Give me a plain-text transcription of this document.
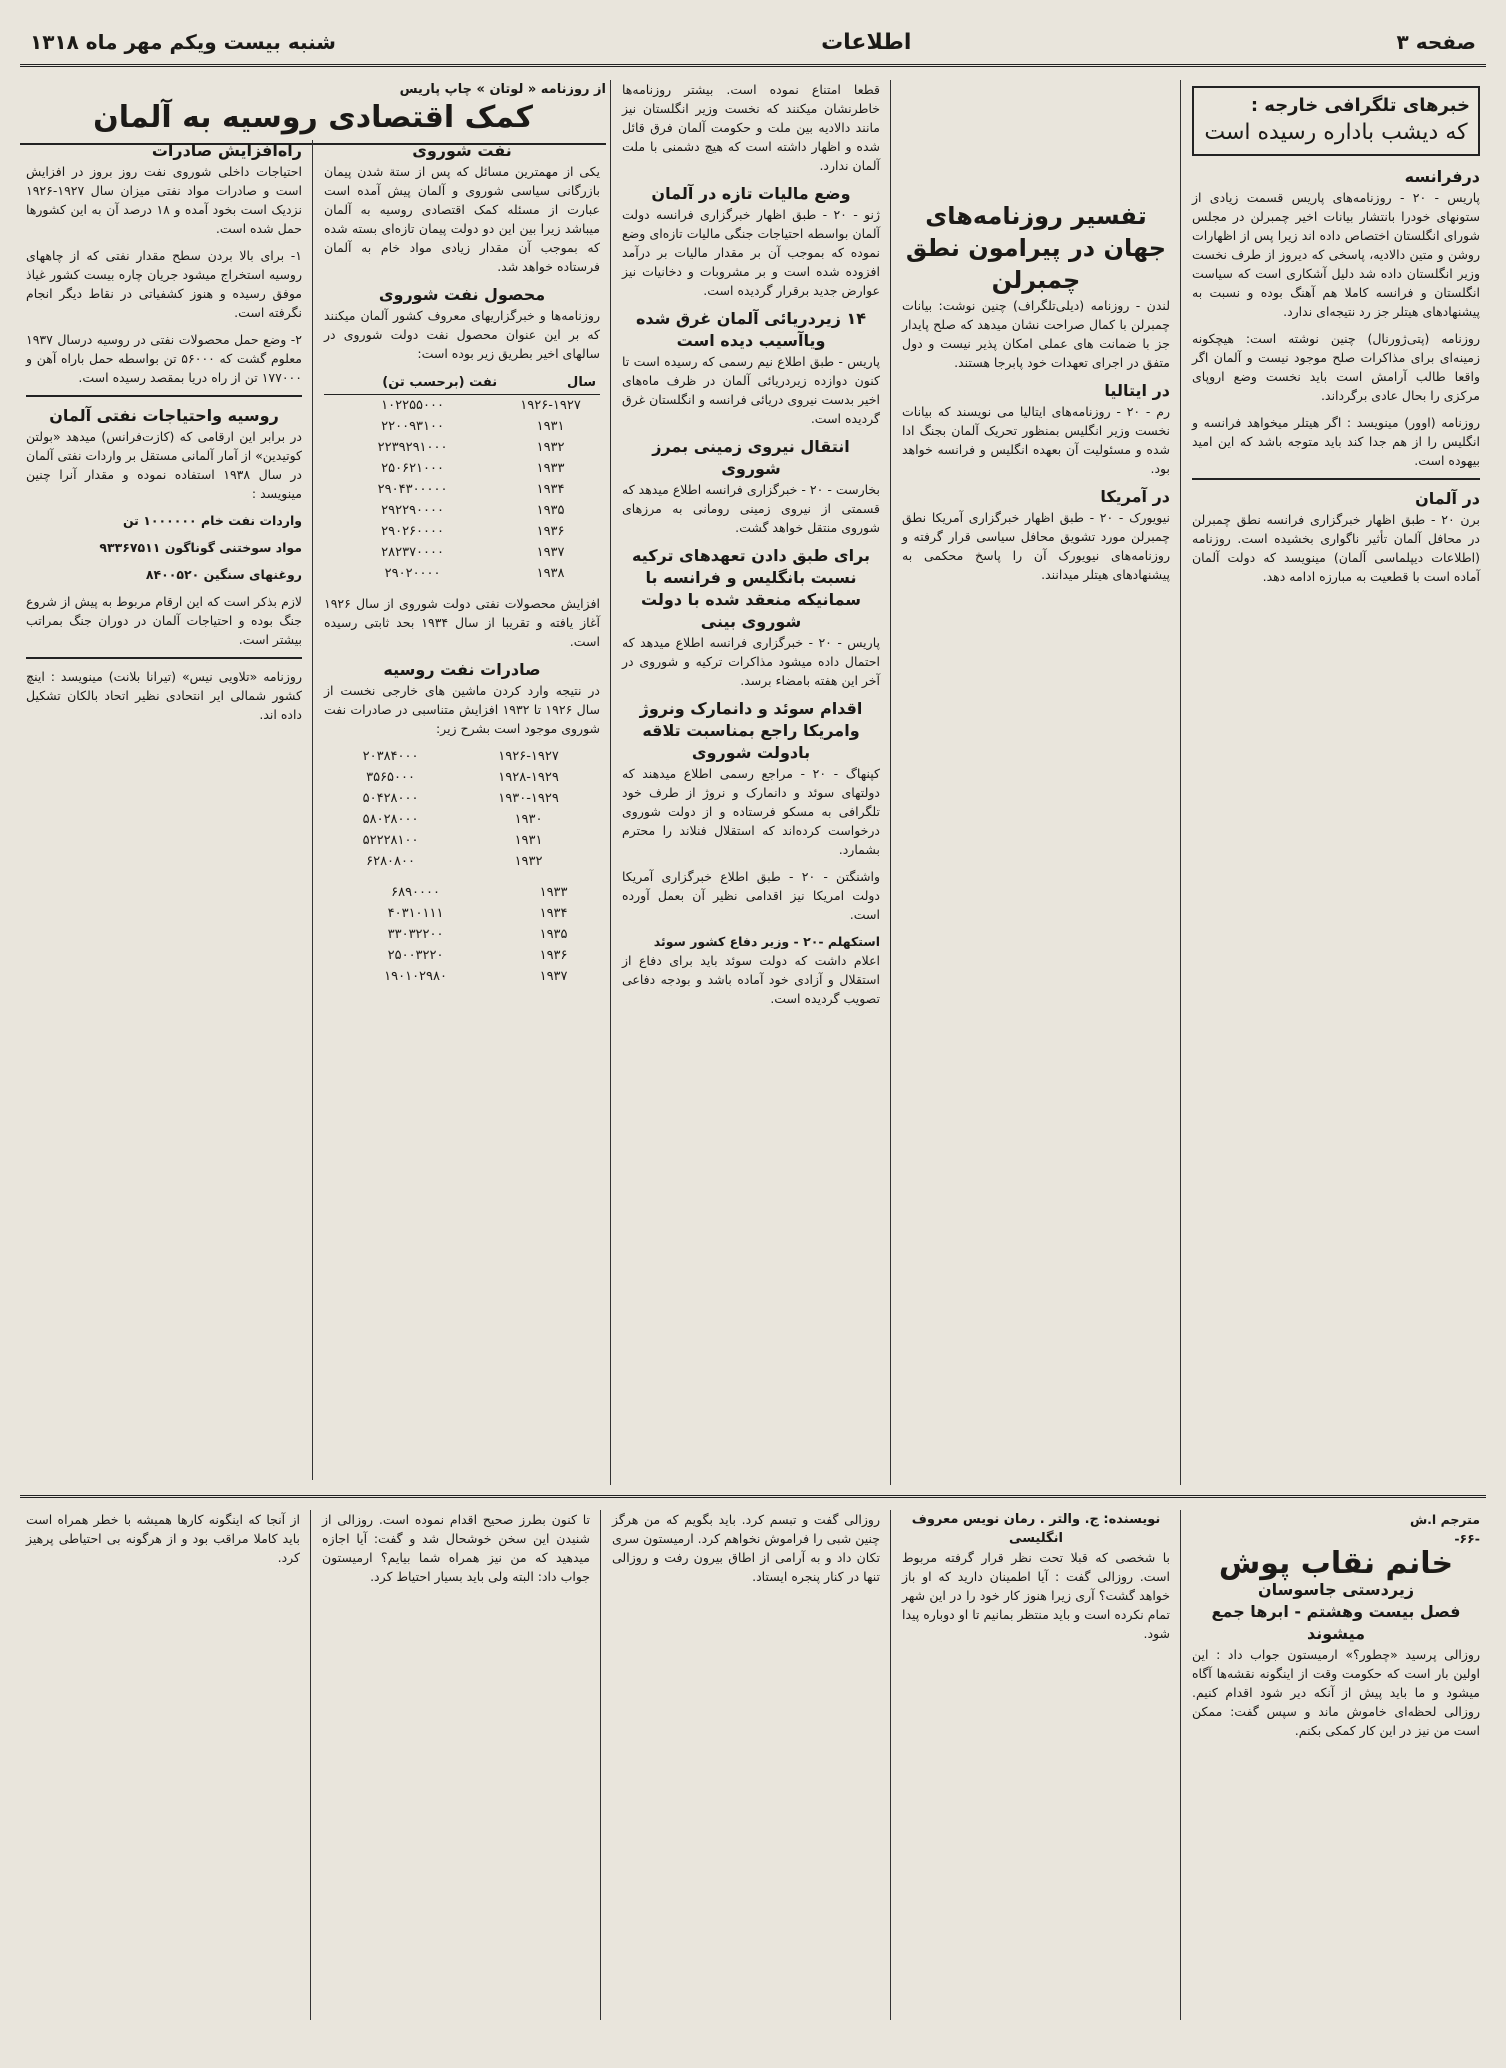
صفحه ۳
اطلاعات
شنبه بیست ویکم مهر ماه ۱۳۱۸
خبرهای تلگرافی خارجه :
که دیشب باداره رسیده است
درفرانسه

پاریس - ۲۰ - روزنامه‌های پاریس قسمت زیادی از ستونهای خودرا بانتشار بیانات اخیر چمبرلن در مجلس شورای انگلستان اختصاص داده اند زیرا پس از اظهارات روشن و متین دالادیه، پاسخی که دیروز از طرف نخست وزیر انگلستان داده شد دلیل آشکاری است که سیاست انگلستان و فرانسه کاملا هم آهنگ بوده و نسبت به پیشنهادهای هیتلر جز رد نتیجه‌ای ندارد.

روزنامه (پتی‌ژورنال) چنین نوشته است: هیچکونه زمینه‌ای برای مذاکرات صلح موجود نیست و آلمان اگر واقعا طالب آرامش است باید نخست وضع اروپای مرکزی را بحال عادی برگرداند.

روزنامه (اوور) مینویسد : اگر هیتلر میخواهد فرانسه و انگلیس را از هم جدا کند باید متوجه باشد که این امید بیهوده است.

در آلمان

برن ۲۰ - طبق اظهار خبرگزاری فرانسه نطق چمبرلن در محافل آلمان تأثیر ناگواری بخشیده است. روزنامه (اطلاعات دیپلماسی آلمان) مینویسد که دولت آلمان آماده است با قطعیت به مبارزه ادامه دهد.

تفسیر روزنامه‌های جهان در پیرامون نطق چمبرلن

لندن - روزنامه (دیلی‌تلگراف) چنین نوشت: بیانات چمبرلن با کمال صراحت نشان میدهد که صلح پایدار جز با ضمانت های عملی امکان پذیر نیست و دول متفق در اجرای تعهدات خود پابرجا هستند.

در ایتالیا

رم - ۲۰ - روزنامه‌های ایتالیا می نویسند که بیانات نخست وزیر انگلیس بمنظور تحریک آلمان بجنگ ادا شده و مسئولیت آن بعهده انگلیس و فرانسه خواهد بود.

در آمریکا

نیویورک - ۲۰ - طبق اظهار خبرگزاری آمریکا نطق چمبرلن مورد تشویق محافل سیاسی قرار گرفته و روزنامه‌های نیویورک آن را پاسخ محکمی به پیشنهادهای هیتلر میدانند.

قطعا امتناع نموده است. بیشتر روزنامه‌ها خاطرنشان میکنند که نخست وزیر انگلستان نیز مانند دالادیه بین ملت و حکومت آلمان فرق قائل شده و اظهار داشته است که هیچ دشمنی با ملت آلمان ندارد.

وضع مالیات تازه در آلمان

ژنو - ۲۰ - طبق اظهار خبرگزاری فرانسه دولت آلمان بواسطه احتیاجات جنگی مالیات تازه‌ای وضع نموده که بموجب آن بر مقدار مالیات بر درآمد افزوده شده است و بر مشروبات و دخانیات نیز عوارض جدید برقرار گردیده است.

۱۴ زیردریائی آلمان غرق شده ویاآسیب دیده است

پاریس - طبق اطلاع نیم رسمی که رسیده است تا کنون دوازده زیردریائی آلمان در ظرف ماه‌های اخیر بدست نیروی دریائی فرانسه و انگلستان غرق گردیده است.

انتقال نیروی زمینی بمرز شوروی

بخارست - ۲۰ - خبرگزاری فرانسه اطلاع میدهد که قسمتی از نیروی زمینی رومانی به مرزهای شوروی منتقل خواهد گشت.

برای طبق دادن تعهدهای ترکیه نسبت بانگلیس و فرانسه با سمانیکه منعقد شده با دولت شوروی بینی

پاریس - ۲۰ - خبرگزاری فرانسه اطلاع میدهد که احتمال داده میشود مذاکرات ترکیه و شوروی در آخر این هفته بامضاء برسد.

اقدام سوئد و دانمارک ونروژ وامریکا راجع بمناسبت تلاقه بادولت شوروی

کپنهاگ - ۲۰ - مراجع رسمی اطلاع میدهند که دولتهای سوئد و دانمارک و نروژ از طرف خود تلگرافی به مسکو فرستاده و از دولت شوروی درخواست کرده‌اند که استقلال فنلاند را محترم بشمارد.

واشنگتن - ۲۰ - طبق اطلاع خبرگزاری آمریکا دولت امریکا نیز اقدامی نظیر آن بعمل آورده است.

استکهلم -۲۰ - وزیر دفاع کشور سوئد

اعلام داشت که دولت سوئد باید برای دفاع از استقلال و آزادی خود آماده باشد و بودجه دفاعی تصویب گردیده است.

از روزنامه « لوتان » چاپ پاریس
کمک اقتصادی روسیه به آلمان
نفت شوروی

یکی از مهمترین مسائل که پس از ستة شدن پیمان بازرگانی سیاسی شوروی و آلمان پیش آمده است عبارت از مسئله کمک اقتصادی روسیه به آلمان میباشد زیرا بین این دو دولت پیمان تازه‌ای بسته شده که بموجب آن مقدار زیادی مواد خام به آلمان فرستاده خواهد شد.

محصول نفت شوروی

روزنامه‌ها و خبرگزاریهای معروف کشور آلمان میکنند که بر این عنوان محصول نفت دولت شوروی در سالهای اخیر بطریق زیر بوده است:

سال	نفت (برحسب تن)
۱۹۲۶-۱۹۲۷	۱۰۲۲۵۵۰۰۰
۱۹۳۱	۲۲۰۰۹۳۱۰۰
۱۹۳۲	۲۲۳۹۲۹۱۰۰۰
۱۹۳۳	۲۵۰۶۲۱۰۰۰
۱۹۳۴	۲۹۰۴۳۰۰۰۰۰
۱۹۳۵	۲۹۲۲۹۰۰۰۰
۱۹۳۶	۲۹۰۲۶۰۰۰۰
۱۹۳۷	۲۸۲۳۷۰۰۰۰
۱۹۳۸	۲۹۰۲۰۰۰۰

افزایش محصولات نفتی دولت شوروی از سال ۱۹۲۶ آغاز یافته و تقریبا از سال ۱۹۳۴ بحد ثابتی رسیده است.

صادرات نفت روسیه

در نتیجه وارد کردن ماشین های خارجی نخست از سال ۱۹۲۶ تا ۱۹۳۲ افزایش متناسبی در صادرات نفت شوروی موجود است بشرح زیر:

۱۹۲۶-۱۹۲۷	۲۰۳۸۴۰۰۰
۱۹۲۸-۱۹۲۹	۳۵۶۵۰۰۰
۱۹۳۰-۱۹۲۹	۵۰۴۲۸۰۰۰
۱۹۳۰	۵۸۰۲۸۰۰۰
۱۹۳۱	۵۲۲۲۸۱۰۰
۱۹۳۲	۶۲۸۰۸۰۰
۱۹۳۳	۶۸۹۰۰۰۰
۱۹۳۴	۴۰۳۱۰۱۱۱
۱۹۳۵	۳۳۰۳۲۲۰۰
۱۹۳۶	۲۵۰۰۳۲۲۰
۱۹۳۷	۱۹۰۱۰۲۹۸۰
راه‌افزایش صادرات

احتیاجات داخلی شوروی نفت روز بروز در افزایش است و صادرات مواد نفتی میزان سال ۱۹۲۷-۱۹۲۶ نزدیک است بخود آمده و ۱۸ درصد آن به این کشورها حمل شده است.

۱- برای بالا بردن سطح مقدار نفتی که از چاههای روسیه استخراج میشود جریان چاره بیست کشور غیاذ موفق رسیده و هنوز کشفیاتی در نقاط دیگر انجام نگرفته است.

۲- وضع حمل محصولات نفتی در روسیه درسال ۱۹۳۷ معلوم گشت که ۵۶۰۰۰ تن بواسطه حمل باراه آهن و ۱۷۷۰۰۰ تن از راه دریا بمقصد رسیده است.

روسیه واحتیاجات نفتی آلمان

در برابر این ارقامی که (کازت‌فرانس) میدهد «بولتن کوتیدین» از آمار آلمانی مستقل بر واردات نفتی آلمان در سال ۱۹۳۸ استفاده نموده و مقدار آنرا چنین مینویسد :

واردات نفت خام ۱۰۰۰۰۰۰ تن

مواد سوختنی گوناگون ۹۳۳۶۷۵۱۱

روغنهای سنگین ۸۴۰۰۵۲۰

لازم بذکر است که این ارقام مربوط به پیش از شروع جنگ بوده و احتیاجات آلمان در دوران جنگ بمراتب بیشتر است.

روزنامه «تلاویی نیس» (تیرانا بلانت) مینویسد : اینچ کشور شمالی ایر انتحادی نظیر اتحاد بالکان تشکیل داده اند.

مترجم ا.ش
-۶۶-
خانم‌ نقاب پوش
زیردستی جاسوسان
فصل بیست وهشتم - ابرها جمع میشوند

روزالی پرسید «چطور؟» ارمیستون جواب داد : این اولین بار است که حکومت وقت از اینگونه نقشه‌ها آگاه میشود و ما باید پیش از آنکه دیر شود اقدام کنیم. روزالی لحظه‌ای خاموش ماند و سپس گفت: ممکن است من نیز در این کار کمکی بکنم.

نویسنده: ج. والتر . رمان نویس معروف انگلیسی

با شخصی که قبلا تحت نظر قرار گرفته مربوط است. روزالی گفت : آیا اطمینان دارید که او باز خواهد گشت؟ آری زیرا هنوز کار خود را در این شهر تمام نکرده است و باید منتظر بمانیم تا او دوباره پیدا شود.

روزالی گفت و تبسم کرد. باید بگویم که من هرگز چنین شبی را فراموش نخواهم کرد. ارمیستون سری تکان داد و به آرامی از اطاق بیرون رفت و روزالی تنها در کنار پنجره ایستاد.

تا کنون بطرز صحیح اقدام نموده است. روزالی از شنیدن این سخن خوشحال شد و گفت: آیا اجازه میدهید که من نیز همراه شما بیایم؟ ارمیستون جواب داد: البته ولی باید بسیار احتیاط کرد.

از آنجا که اینگونه کارها همیشه با خطر همراه است باید کاملا مراقب بود و از هرگونه بی احتیاطی پرهیز کرد.
